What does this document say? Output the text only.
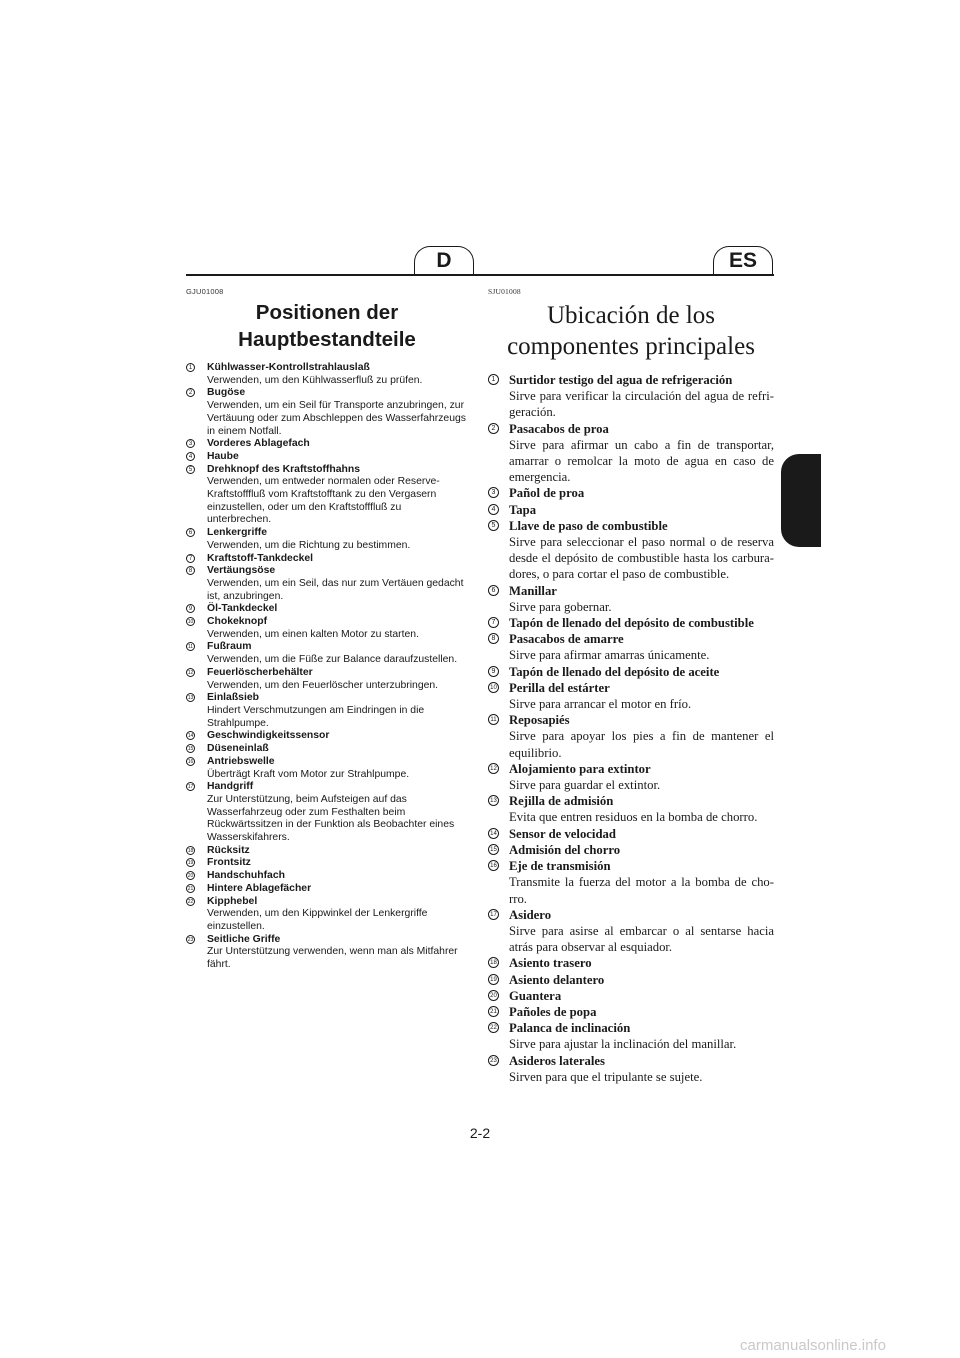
D	ES
GJU01008
Positionen der
Hauptbestandteile
1 Kühlwasser-Kontrollstrahlauslaß
Verwenden, um den Kühlwasserfluß zu prüfen.
2 Bugöse
Verwenden, um ein Seil für Transporte anzubringen, zur Vertäuung oder zum Abschleppen des Wasserfahrzeugs in einem Notfall.
3 Vorderes Ablagefach
4 Haube
5 Drehknopf des Kraftstoffhahns
Verwenden, um entweder normalen oder Reserve-Kraftstofffluß vom Kraftstofftank zu den Vergasern einzustellen, oder um den Kraftstofffluß zu unterbrechen.
6 Lenkergriffe
Verwenden, um die Richtung zu bestimmen.
7 Kraftstoff-Tankdeckel
8 Vertäungsöse
Verwenden, um ein Seil, das nur zum Vertäuen gedacht ist, anzubringen.
9 Öl-Tankdeckel
10 Chokeknopf
Verwenden, um einen kalten Motor zu starten.
11 Fußraum
Verwenden, um die Füße zur Balance daraufzustellen.
12 Feuerlöscherbehälter
Verwenden, um den Feuerlöscher unterzubringen.
13 Einlaßsieb
Hindert Verschmutzungen am Eindringen in die Strahlpumpe.
14 Geschwindigkeitssensor
15 Düseneinlaß
16 Antriebswelle
Überträgt Kraft vom Motor zur Strahlpumpe.
17 Handgriff
Zur Unterstützung, beim Aufsteigen auf das Wasserfahrzeug oder zum Festhalten beim Rückwärtssitzen in der Funktion als Beobachter eines Wasserskifahrers.
18 Rücksitz
19 Frontsitz
20 Handschuhfach
21 Hintere Ablagefächer
22 Kipphebel
Verwenden, um den Kippwinkel der Lenkergriffe einzustellen.
23 Seitliche Griffe
Zur Unterstützung verwenden, wenn man als Mitfahrer fährt.
SJU01008
Ubicación de los
componentes principales
1 Surtidor testigo del agua de refrigeración
Sirve para verificar la circulación del agua de refri-geración.
2 Pasacabos de proa
Sirve para afirmar un cabo a fin de transportar, amarrar o remolcar la moto de agua en caso de emergencia.
3 Pañol de proa
4 Tapa
5 Llave de paso de combustible
Sirve para seleccionar el paso normal o de reserva desde el depósito de combustible hasta los carbura-dores, o para cortar el paso de combustible.
6 Manillar
Sirve para gobernar.
7 Tapón de llenado del depósito de combustible
8 Pasacabos de amarre
Sirve para afirmar amarras únicamente.
9 Tapón de llenado del depósito de aceite
10 Perilla del estárter
Sirve para arrancar el motor en frío.
11 Reposapiés
Sirve para apoyar los pies a fin de mantener el equilibrio.
12 Alojamiento para extintor
Sirve para guardar el extintor.
13 Rejilla de admisión
Evita que entren residuos en la bomba de chorro.
14 Sensor de velocidad
15 Admisión del chorro
16 Eje de transmisión
Transmite la fuerza del motor a la bomba de cho-rro.
17 Asidero
Sirve para asirse al embarcar o al sentarse hacia atrás para observar al esquiador.
18 Asiento trasero
19 Asiento delantero
20 Guantera
21 Pañoles de popa
22 Palanca de inclinación
Sirve para ajustar la inclinación del manillar.
23 Asideros laterales
Sirven para que el tripulante se sujete.
2-2
carmanualsonline.info
